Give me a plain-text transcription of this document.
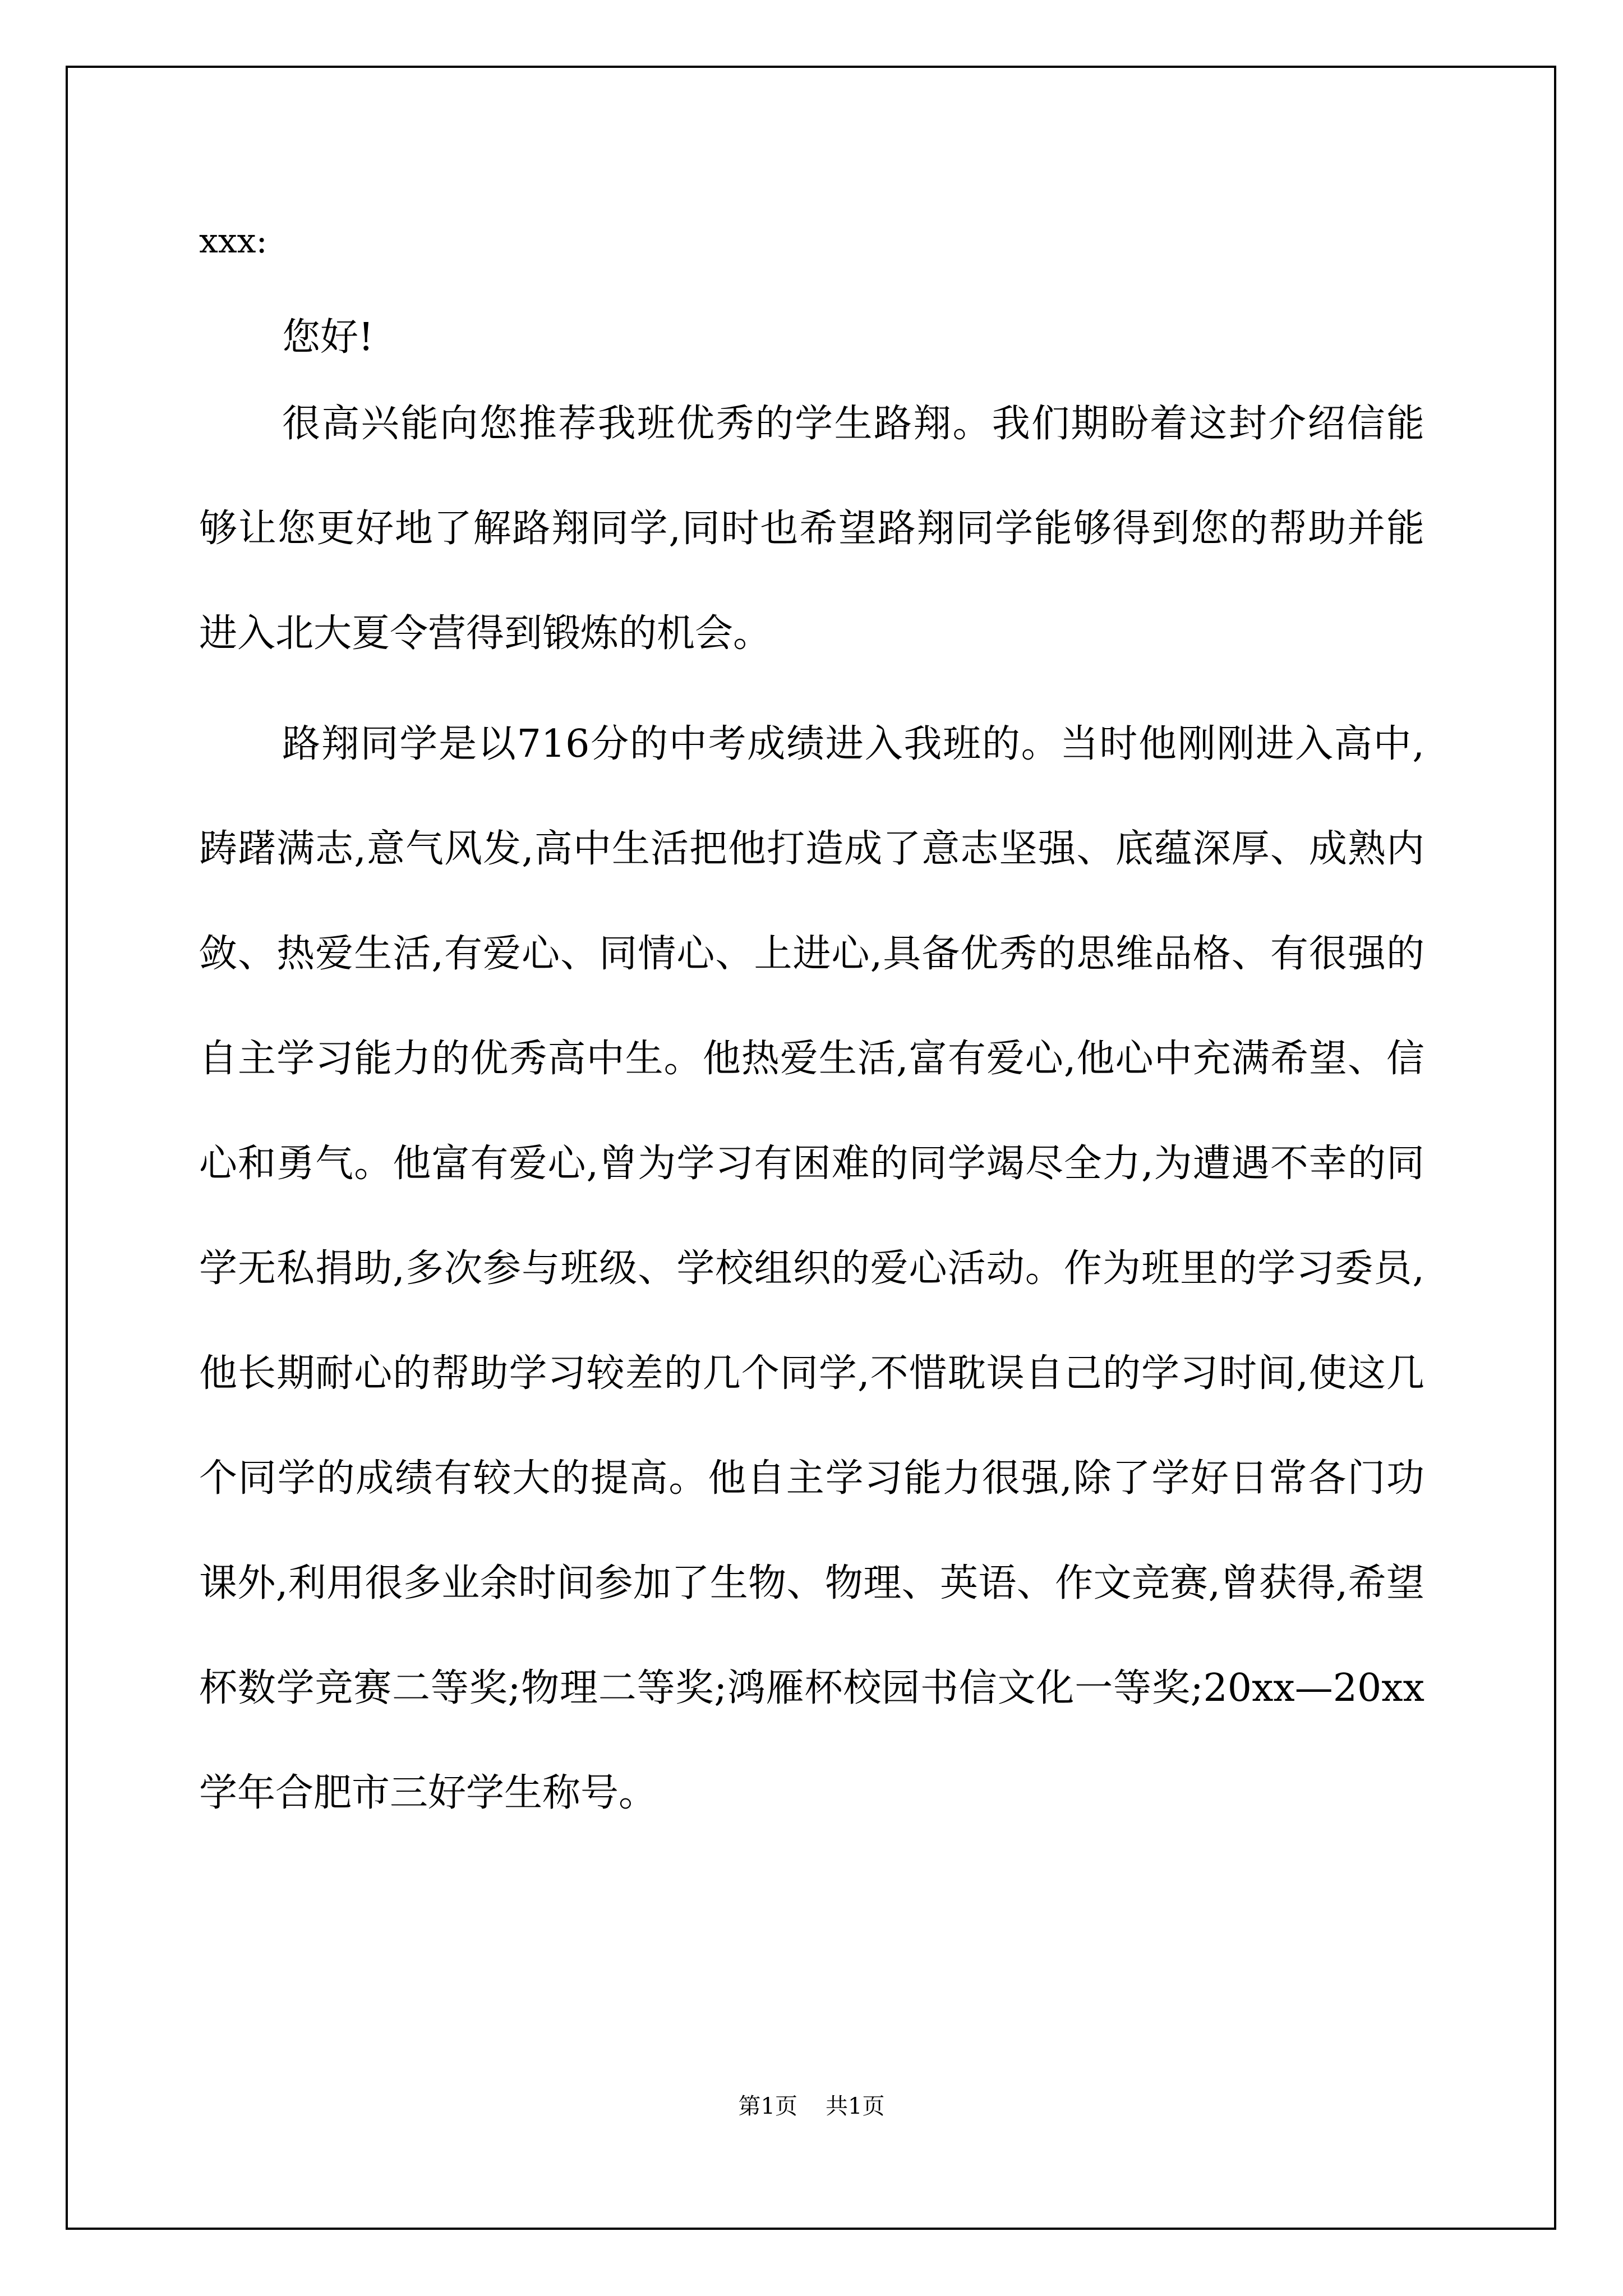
xxx:

您好!

很高兴能向您推荐我班优秀的学生路翔。我们期盼着这封介绍信能够让您更好地了解路翔同学,同时也希望路翔同学能够得到您的帮助并能进入北大夏令营得到锻炼的机会。

路翔同学是以716分的中考成绩进入我班的。当时他刚刚进入高中,踌躇满志,意气风发,高中生活把他打造成了意志坚强、底蕴深厚、成熟内敛、热爱生活,有爱心、同情心、上进心,具备优秀的思维品格、有很强的自主学习能力的优秀高中生。他热爱生活,富有爱心,他心中充满希望、信心和勇气。他富有爱心,曾为学习有困难的同学竭尽全力,为遭遇不幸的同学无私捐助,多次参与班级、学校组织的爱心活动。作为班里的学习委员,他长期耐心的帮助学习较差的几个同学,不惜耽误自己的学习时间,使这几个同学的成绩有较大的提高。他自主学习能力很强,除了学好日常各门功课外,利用很多业余时间参加了生物、物理、英语、作文竞赛,曾获得,希望杯数学竞赛二等奖;物理二等奖;鸿雁杯校园书信文化一等奖;20xx—20xx学年合肥市三好学生称号。

第1页 共1页
